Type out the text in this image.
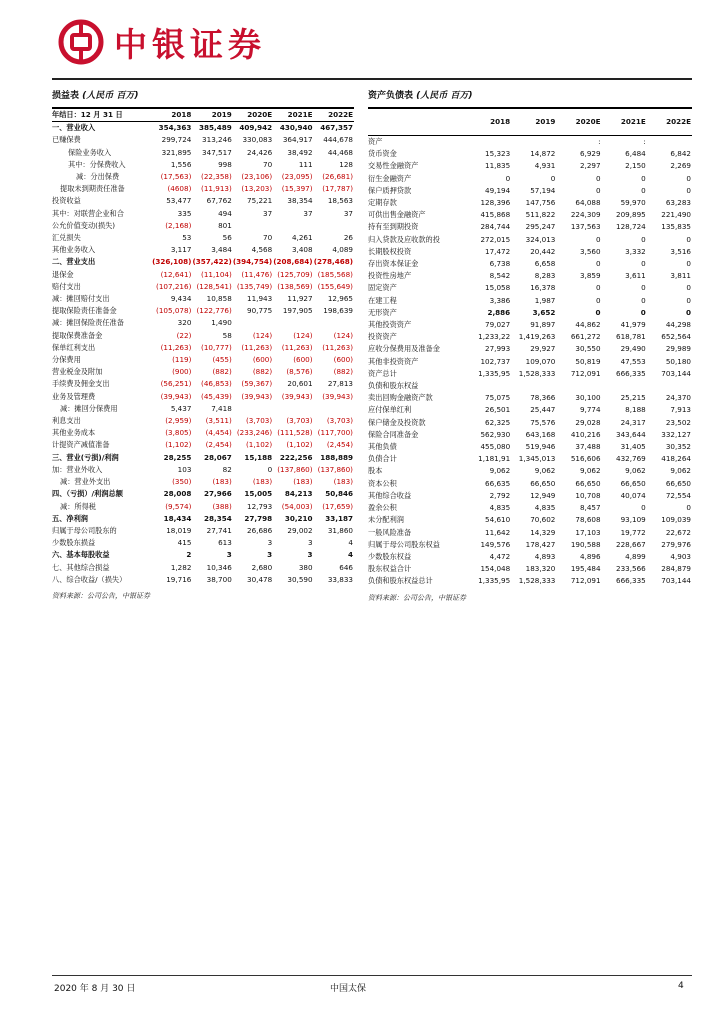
中银证券
损益表 (人民币 百万)
年结日：12 月 31 日	2018	2019	2020E	2021E	2022E
一、营业收入	354,363	385,489	409,942	430,940	467,357
已赚保费	299,724	313,246	330,083	364,917	444,678
保险业务收入	321,895	347,517	24,426	38,492	44,468
其中：分保费收入	1,556	998	70	111	128
减：分出保费	(17,563)	(22,358)	(23,106)	(23,095)	(26,681)
提取未到期责任准备	(4608)	(11,913)	(13,203)	(15,397)	(17,787)
投资收益	53,477	67,762	75,221	38,354	18,563
其中：对联营企业和合	335	494	37	37	37
公允价值变动(损失)	(2,168)	801			
汇兑损失	53	56	70	4,261	26
其他业务收入	3,117	3,484	4,568	3,408	4,089
二、营业支出	(326,108)	(357,422)	(394,754)	(208,684)	(278,468)
退保金	(12,641)	(11,104)	(11,476)	(125,709)	(185,568)
赔付支出	(107,216)	(128,541)	(135,749)	(138,569)	(155,649)
减：摊回赔付支出	9,434	10,858	11,943	11,927	12,965
提取保险责任准备金	(105,078)	(122,776)	90,775	197,905	198,639
减：摊回保险责任准备	320	1,490			
提取保费准备金	(22)	58	(124)	(124)	(124)
保单红利支出	(11,263)	(10,777)	(11,263)	(11,263)	(11,263)
分保费用	(119)	(455)	(600)	(600)	(600)
营业税金及附加	(900)	(882)	(882)	(8,576)	(882)
手续费及佣金支出	(56,251)	(46,853)	(59,367)	20,601	27,813
业务及管理费	(39,943)	(45,439)	(39,943)	(39,943)	(39,943)
减：摊回分保费用	5,437	7,418			
利息支出	(2,959)	(3,511)	(3,703)	(3,703)	(3,703)
其他业务成本	(3,805)	(4,454)	(233,246)	(111,528)	(117,700)
计提资产减值准备	(1,102)	(2,454)	(1,102)	(1,102)	(2,454)
三、营业(亏损)/利润	28,255	28,067	15,188	222,256	188,889
加：营业外收入	103	82	0	(137,860)	(137,860)
减：营业外支出	(350)	(183)	(183)	(183)	(183)
四、（亏损）/利润总额	28,008	27,966	15,005	84,213	50,846
减：所得税	(9,574)	(388)	12,793	(54,003)	(17,659)
五、净利润	18,434	28,354	27,798	30,210	33,187
归属于母公司股东的	18,019	27,741	26,686	29,002	31,860
少数股东损益	415	613	3	3	4
六、基本每股收益	2	3	3	3	4
七、其他综合损益	1,282	10,346	2,680	380	646
八、综合收益/（损失）	19,716	38,700	30,478	30,590	33,833
资料来源：公司公告，中银证券
资产负债表 (人民币 百万)
	2018	2019	2020E	2021E	2022E
资产			:	:	
货币资金	15,323	14,872	6,929	6,484	6,842
交易性金融资产	11,835	4,931	2,297	2,150	2,269
衍生金融资产	0	0	0	0	0
保户质押贷款	49,194	57,194	0	0	0
定期存款	128,396	147,756	64,088	59,970	63,283
可供出售金融资产	415,868	511,822	224,309	209,895	221,490
持有至到期投资	284,744	295,247	137,563	128,724	135,835
归入贷款及应收款的投	272,015	324,013	0	0	0
长期股权投资	17,472	20,442	3,560	3,332	3,516
存出资本保证金	6,738	6,658	0	0	0
投资性房地产	8,542	8,283	3,859	3,611	3,811
固定资产	15,058	16,378	0	0	0
在建工程	3,386	1,987	0	0	0
无形资产	2,886	3,652	0	0	0
其他投资资产	79,027	91,897	44,862	41,979	44,298
投资资产	1,233,22	1,419,263	661,272	618,781	652,564
应收分保费用及准备金	27,993	29,927	30,550	29,490	29,989
其他非投资资产	102,737	109,070	50,819	47,553	50,180
资产总计	1,335,95	1,528,333	712,091	666,335	703,144
负债和股东权益					
卖出回购金融资产款	75,075	78,366	30,100	25,215	24,370
应付保单红利	26,501	25,447	9,774	8,188	7,913
保户储金及投资款	62,325	75,576	29,028	24,317	23,502
保险合同准备金	562,930	643,168	410,216	343,644	332,127
其他负债	455,080	519,946	37,488	31,405	30,352
负债合计	1,181,91	1,345,013	516,606	432,769	418,264
股本	9,062	9,062	9,062	9,062	9,062
资本公积	66,635	66,650	66,650	66,650	66,650
其他综合收益	2,792	12,949	10,708	40,074	72,554
盈余公积	4,835	4,835	8,457	0	0
未分配利润	54,610	70,602	78,608	93,109	109,039
一般风险准备	11,642	14,329	17,103	19,772	22,672
归属于母公司股东权益	149,576	178,427	190,588	228,667	279,976
少数股东权益	4,472	4,893	4,896	4,899	4,903
股东权益合计	154,048	183,320	195,484	233,566	284,879
负债和股东权益总计	1,335,95	1,528,333	712,091	666,335	703,144
资料来源：公司公告，中银证券
2020 年 8 月 30 日	中国太保	4
